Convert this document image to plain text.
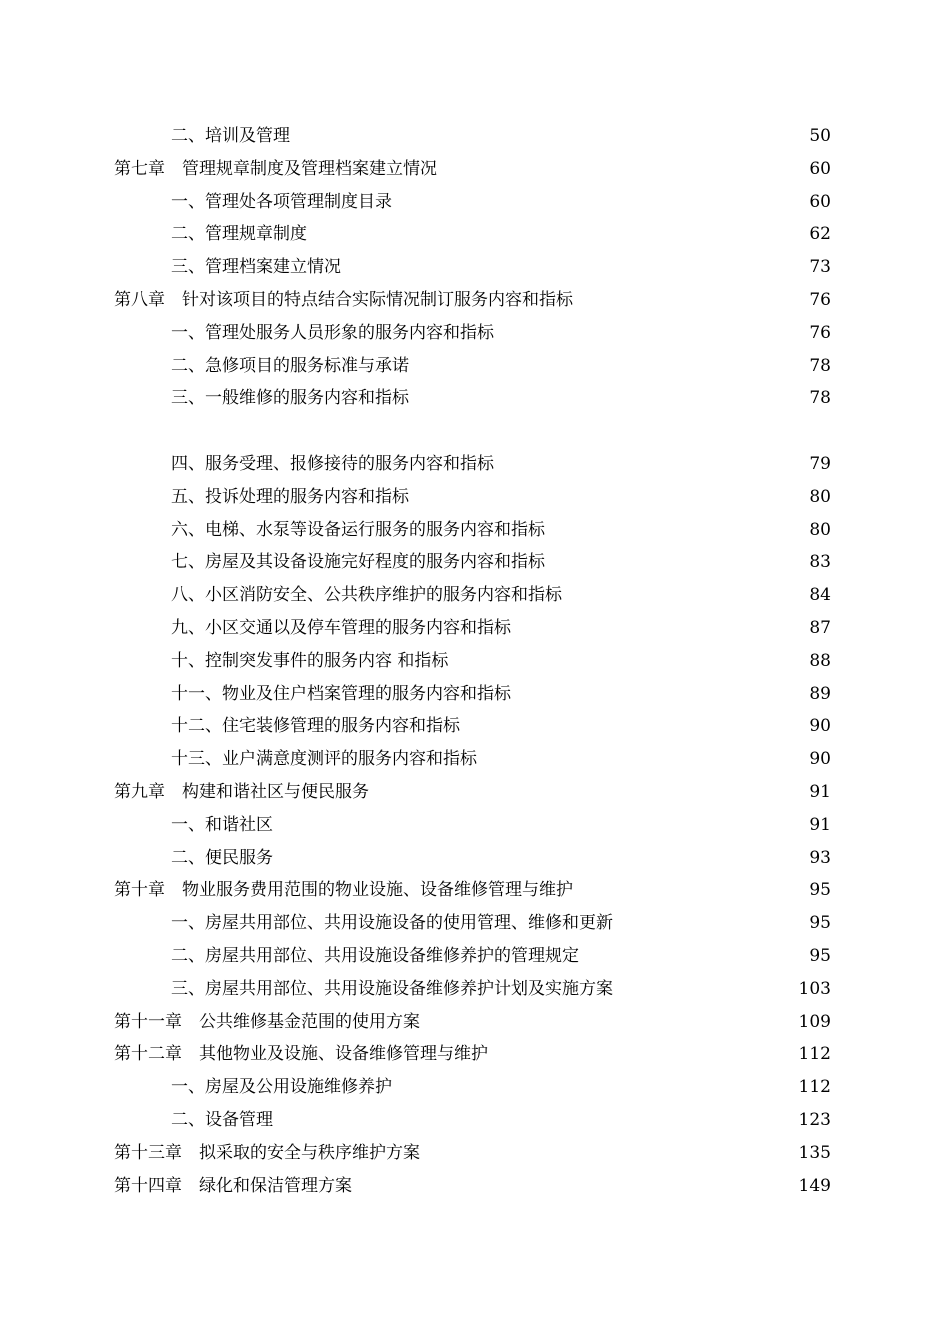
二、培训及管理	50
第七章　管理规章制度及管理档案建立情况	60
一、管理处各项管理制度目录	60
二、管理规章制度	62
三、管理档案建立情况	73
第八章　针对该项目的特点结合实际情况制订服务内容和指标	76
一、管理处服务人员形象的服务内容和指标	76
二、急修项目的服务标准与承诺	78
三、一般维修的服务内容和指标	78
四、服务受理、报修接待的服务内容和指标	79
五、投诉处理的服务内容和指标	80
六、电梯、水泵等设备运行服务的服务内容和指标	80
七、房屋及其设备设施完好程度的服务内容和指标	83
八、小区消防安全、公共秩序维护的服务内容和指标	84
九、小区交通以及停车管理的服务内容和指标	87
十、控制突发事件的服务内容 和指标	88
十一、物业及住户档案管理的服务内容和指标	89
十二、住宅装修管理的服务内容和指标	90
十三、业户满意度测评的服务内容和指标	90
第九章　构建和谐社区与便民服务	91
一、和谐社区	91
二、便民服务	93
第十章　物业服务费用范围的物业设施、设备维修管理与维护	95
一、房屋共用部位、共用设施设备的使用管理、维修和更新	95
二、房屋共用部位、共用设施设备维修养护的管理规定	95
三、房屋共用部位、共用设施设备维修养护计划及实施方案	103
第十一章　公共维修基金范围的使用方案	109
第十二章　其他物业及设施、设备维修管理与维护	112
一、房屋及公用设施维修养护	112
二、设备管理	123
第十三章　拟采取的安全与秩序维护方案	135
第十四章　绿化和保洁管理方案	149
